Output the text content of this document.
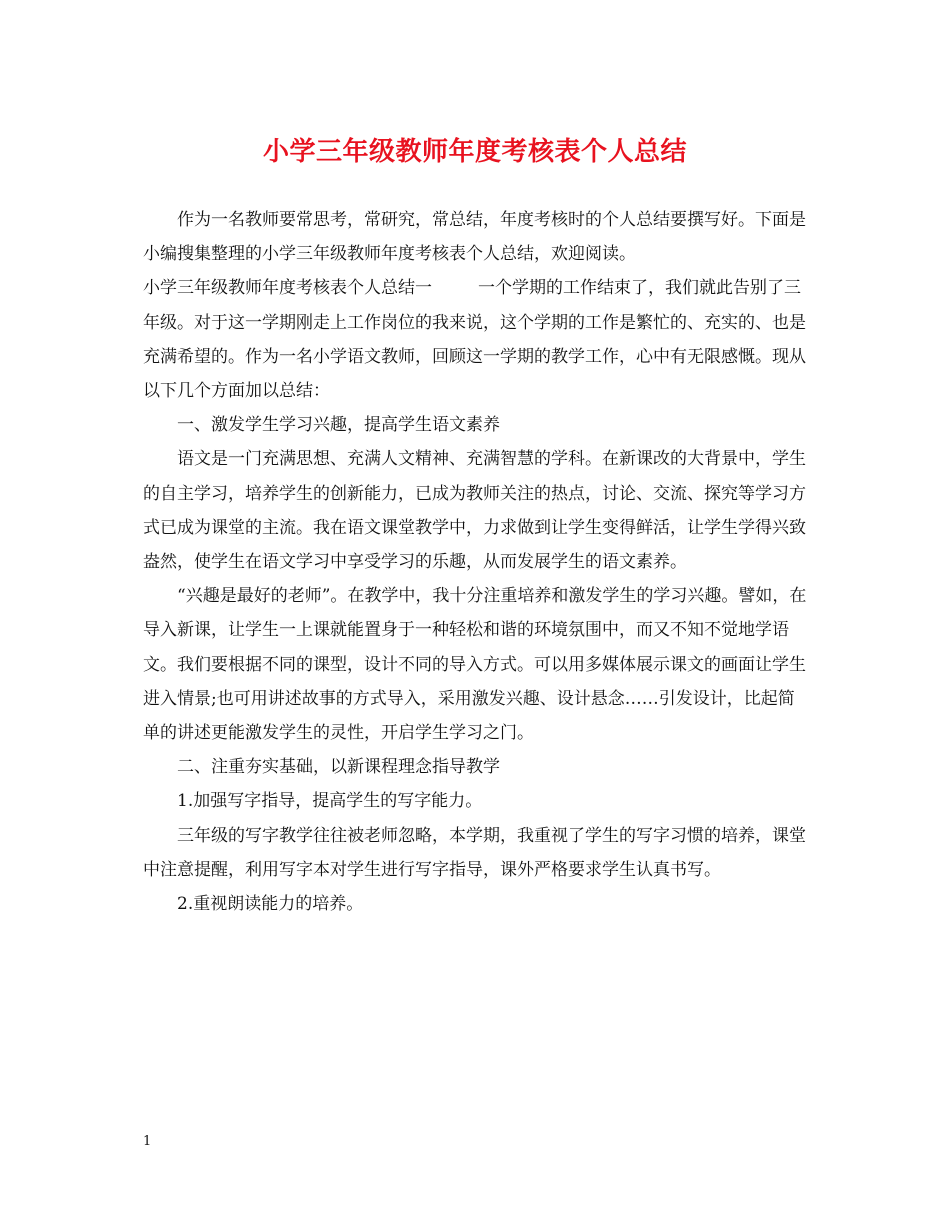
小学三年级教师年度考核表个人总结

作为一名教师要常思考，常研究，常总结，年度考核时的个人总结要撰写好。下面是小编搜集整理的小学三年级教师年度考核表个人总结，欢迎阅读。

小学三年级教师年度考核表个人总结一	一个学期的工作结束了，我们就此告别了三年级。对于这一学期刚走上工作岗位的我来说，这个学期的工作是繁忙的、充实的、也是充满希望的。作为一名小学语文教师，回顾这一学期的教学工作，心中有无限感慨。现从以下几个方面加以总结：

一、激发学生学习兴趣，提高学生语文素养

语文是一门充满思想、充满人文精神、充满智慧的学科。在新课改的大背景中，学生的自主学习，培养学生的创新能力，已成为教师关注的热点，讨论、交流、探究等学习方式已成为课堂的主流。我在语文课堂教学中，力求做到让学生变得鲜活，让学生学得兴致盎然，使学生在语文学习中享受学习的乐趣，从而发展学生的语文素养。

“兴趣是最好的老师”。在教学中，我十分注重培养和激发学生的学习兴趣。譬如，在导入新课，让学生一上课就能置身于一种轻松和谐的环境氛围中，而又不知不觉地学语文。我们要根据不同的课型，设计不同的导入方式。可以用多媒体展示课文的画面让学生进入情景;也可用讲述故事的方式导入，采用激发兴趣、设计悬念……引发设计，比起简单的讲述更能激发学生的灵性，开启学生学习之门。

二、注重夯实基础，以新课程理念指导教学

1.加强写字指导，提高学生的写字能力。

三年级的写字教学往往被老师忽略，本学期，我重视了学生的写字习惯的培养，课堂中注意提醒，利用写字本对学生进行写字指导，课外严格要求学生认真书写。

2.重视朗读能力的培养。

1
